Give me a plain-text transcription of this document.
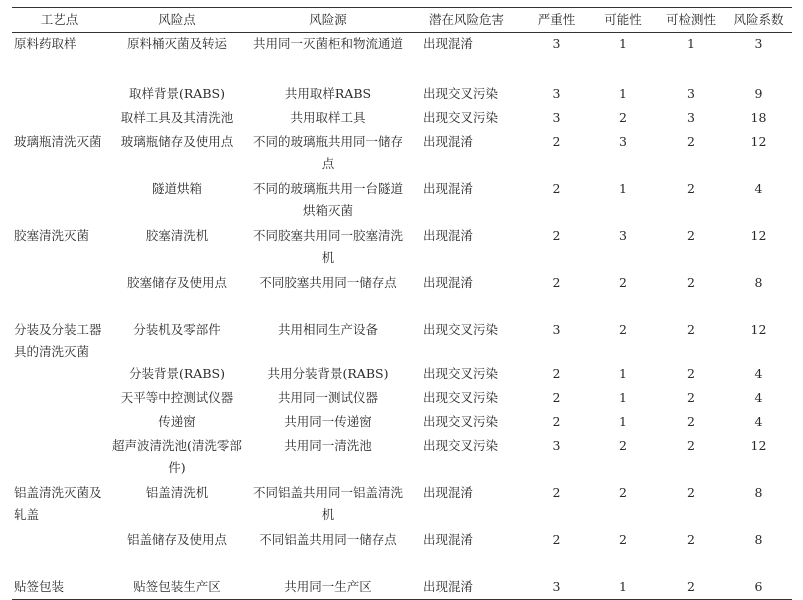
工艺点	风险点	风险源	潜在风险危害	严重性	可能性	可检测性	风险系数
原料药取样	原料桶灭菌及转运	共用同一灭菌柜和物流通道	出现混淆	3	1	1	3
	取样背景(RABS)	共用取样RABS	出现交叉污染	3	1	3	9
	取样工具及其清洗池	共用取样工具	出现交叉污染	3	2	3	18
玻璃瓶清洗灭菌	玻璃瓶储存及使用点	不同的玻璃瓶共用同一储存点	出现混淆	2	3	2	12
	隧道烘箱	不同的玻璃瓶共用一台隧道烘箱灭菌	出现混淆	2	1	2	4
胶塞清洗灭菌	胶塞清洗机	不同胶塞共用同一胶塞清洗机	出现混淆	2	3	2	12
	胶塞储存及使用点	不同胶塞共用同一储存点	出现混淆	2	2	2	8
分装及分装工器具的清洗灭菌	分装机及零部件	共用相同生产设备	出现交叉污染	3	2	2	12
	分装背景(RABS)	共用分装背景(RABS)	出现交叉污染	2	1	2	4
	天平等中控测试仪器	共用同一测试仪器	出现交叉污染	2	1	2	4
	传递窗	共用同一传递窗	出现交叉污染	2	1	2	4
	超声波清洗池(清洗零部件)	共用同一清洗池	出现交叉污染	3	2	2	12
铝盖清洗灭菌及轧盖	铝盖清洗机	不同铝盖共用同一铝盖清洗机	出现混淆	2	2	2	8
	铝盖储存及使用点	不同铝盖共用同一储存点	出现混淆	2	2	2	8
贴签包装	贴签包装生产区	共用同一生产区	出现混淆	3	1	2	6
